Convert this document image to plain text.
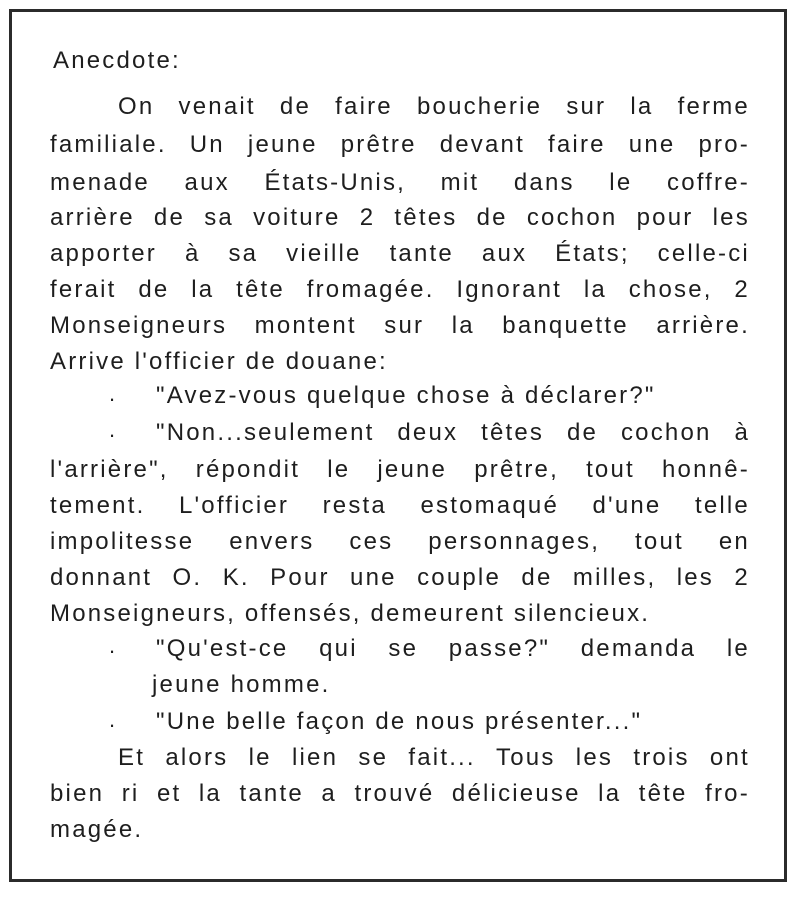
Anecdote:
On venait de faire boucherie sur la ferme
familiale. Un jeune prêtre devant faire une pro-
menade aux États-Unis, mit dans le coffre-
arrière de sa voiture 2 têtes de cochon pour les
apporter à sa vieille tante aux États; celle-ci
ferait de la tête fromagée. Ignorant la chose, 2
Monseigneurs montent sur la banquette arrière.
Arrive l'officier de douane:
· "Avez-vous quelque chose à déclarer?"
· "Non...seulement deux têtes de cochon à
l'arrière", répondit le jeune prêtre, tout honnê-
tement. L'officier resta estomaqué d'une telle
impolitesse envers ces personnages, tout en
donnant O. K. Pour une couple de milles, les 2
Monseigneurs, offensés, demeurent silencieux.
· "Qu'est-ce qui se passe?" demanda le
jeune homme.
· "Une belle façon de nous présenter..."
Et alors le lien se fait... Tous les trois ont
bien ri et la tante a trouvé délicieuse la tête fro-
magée.
